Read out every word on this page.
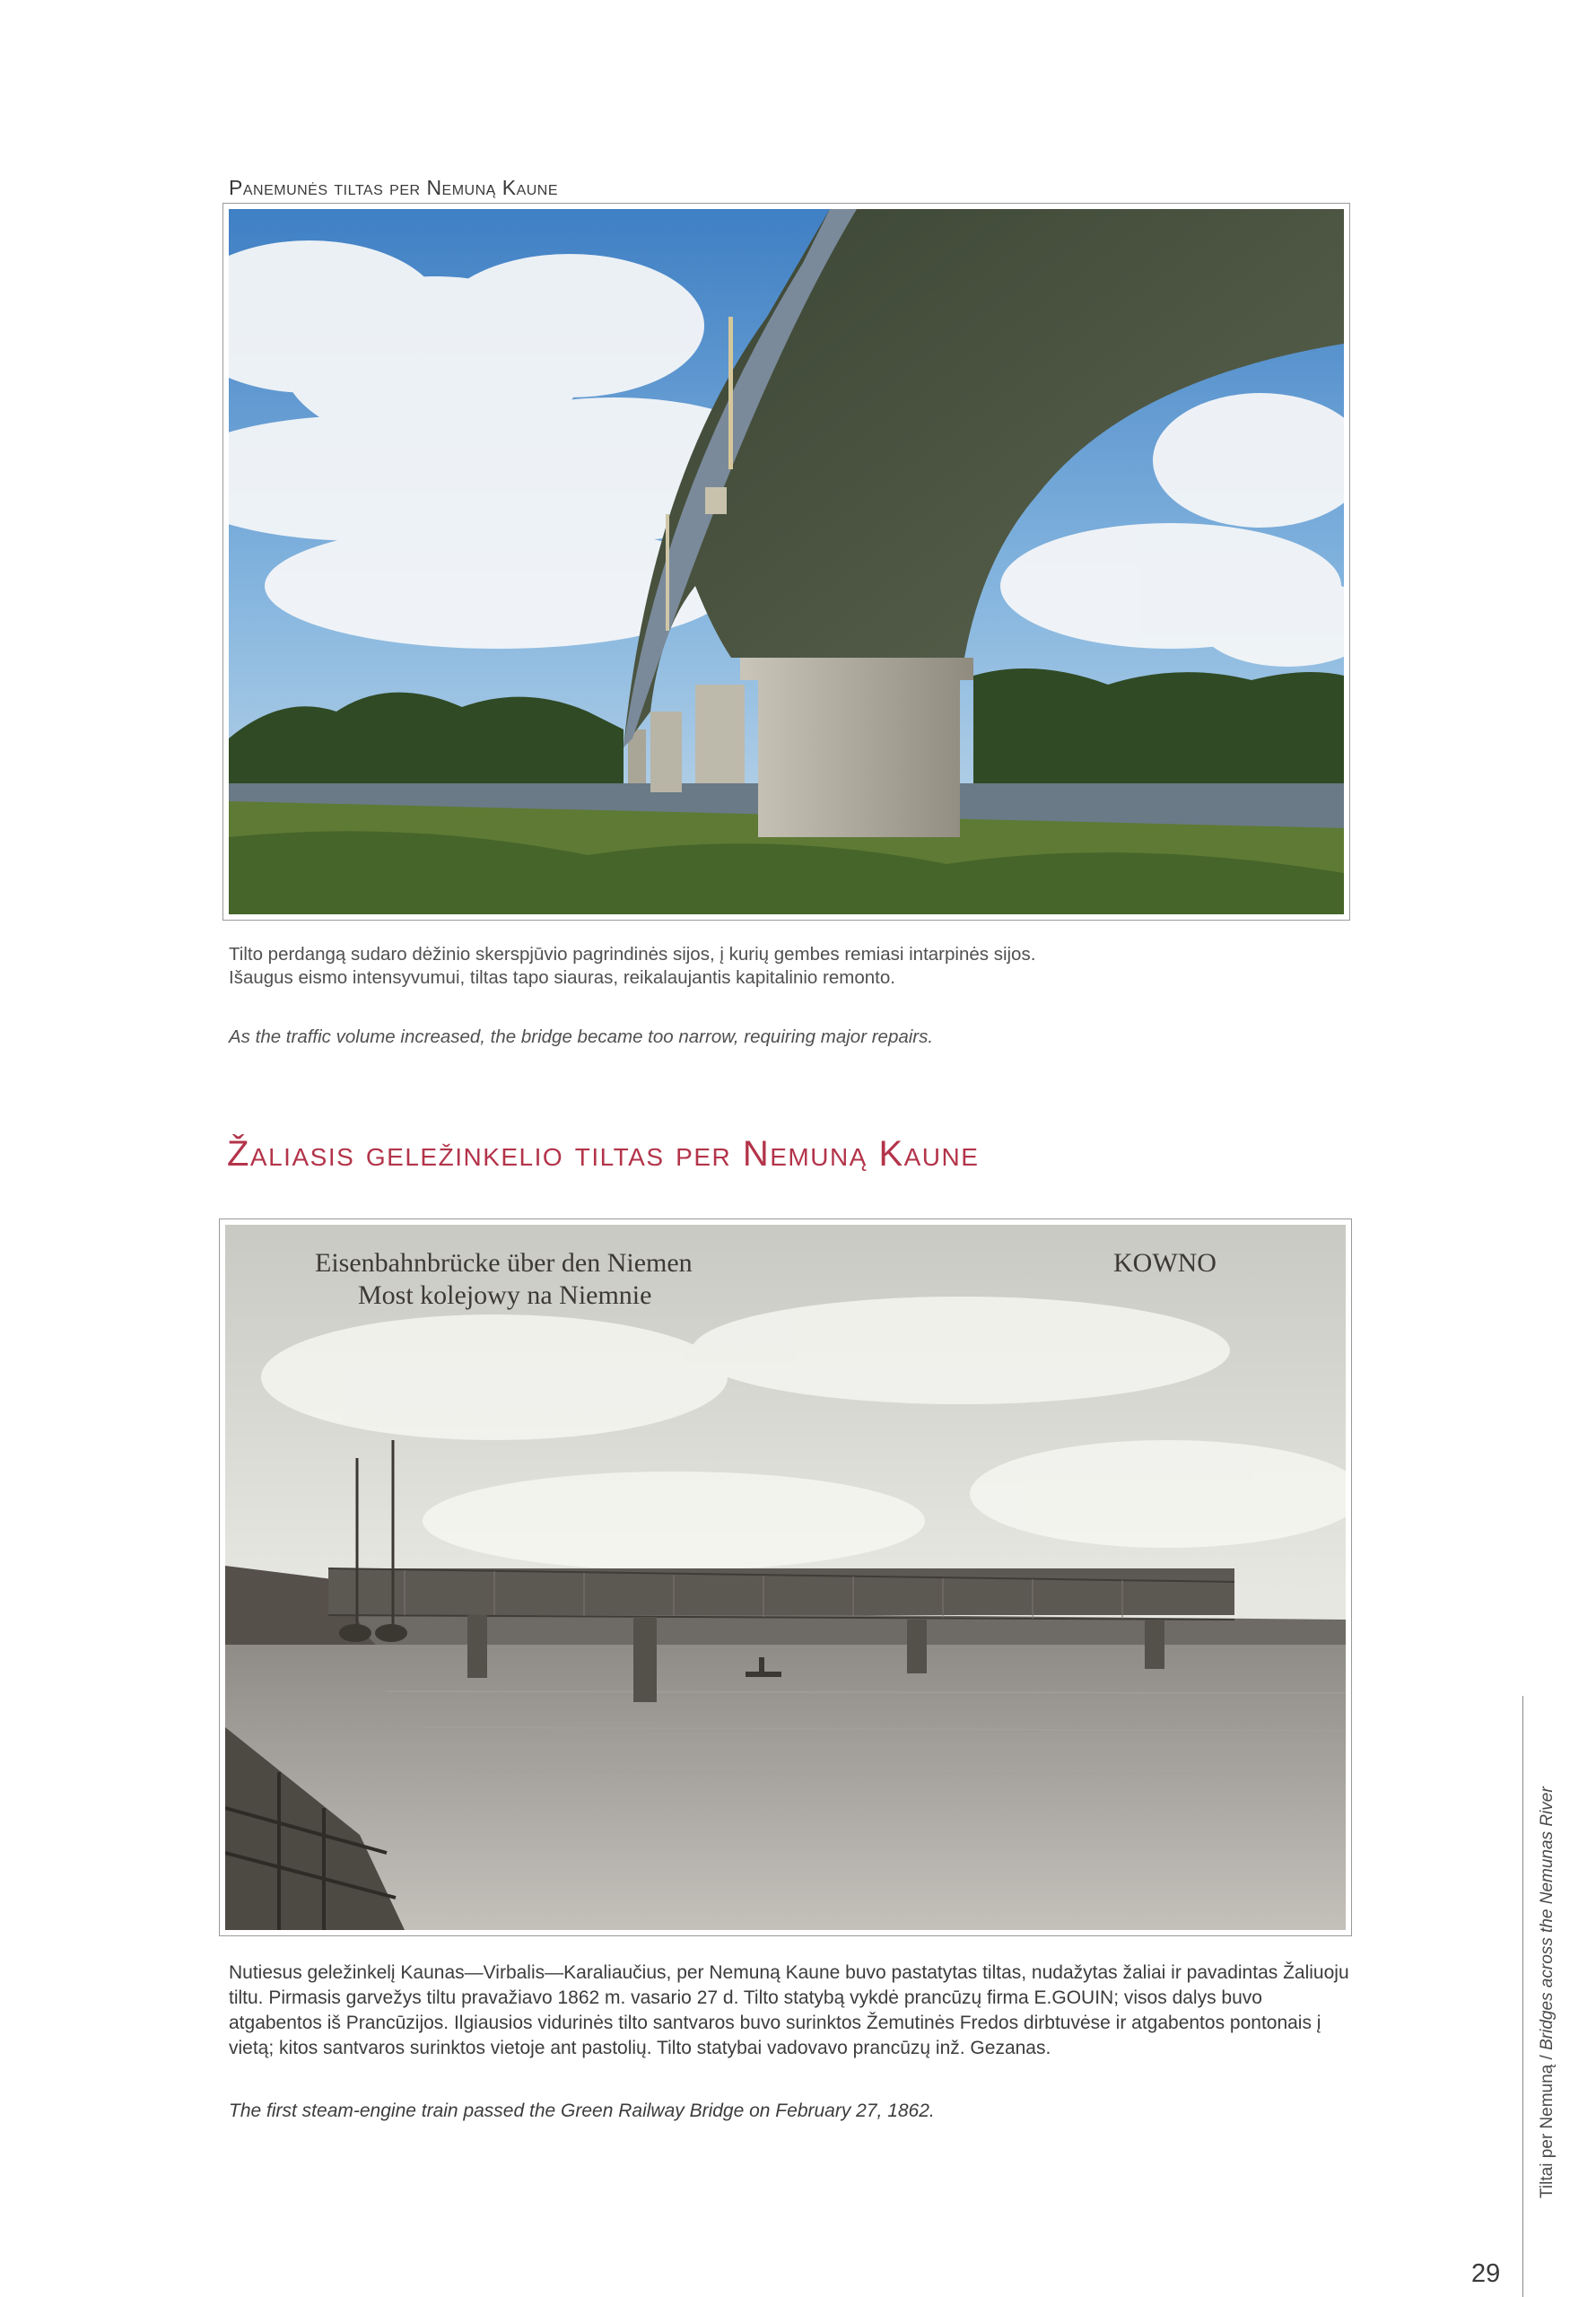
Panemunės tiltas per Nemuną Kaune

Tilto perdangą sudaro dėžinio skerspjūvio pagrindinės sijos, į kurių gembes remiasi intarpinės sijos.

Išaugus eismo intensyvumui, tiltas tapo siauras, reikalaujantis kapitalinio remonto.

As the traffic volume increased, the bridge became too narrow, requiring major repairs.
Žaliasis geležinkelio tiltas per Nemuną Kaune
Eisenbahnbrücke über den Niemen
Most kolejowy na Niemnie
KOWNO
Nutiesus geležinkelį Kaunas—Virbalis—Karaliaučius, per Nemuną Kaune buvo pastatytas tiltas, nudažytas žaliai ir pavadintas Žaliuoju tiltu. Pirmasis garvežys tiltu pravažiavo 1862 m. vasario 27 d. Tilto statybą vykdė prancūzų firma E.GOUIN; visos dalys buvo atgabentos iš Prancūzijos. Ilgiausios vidurinės tilto santvaros buvo surinktos Žemutinės Fredos dirbtuvėse ir atgabentos pontonais į vietą; kitos santvaros surinktos vietoje ant pastolių. Tilto statybai vadovavo prancūzų inž. Gezanas.
The first steam-engine train passed the Green Railway Bridge on February 27, 1862.	Tiltai per Nemuną / Bridges across the Nemunas River
29
